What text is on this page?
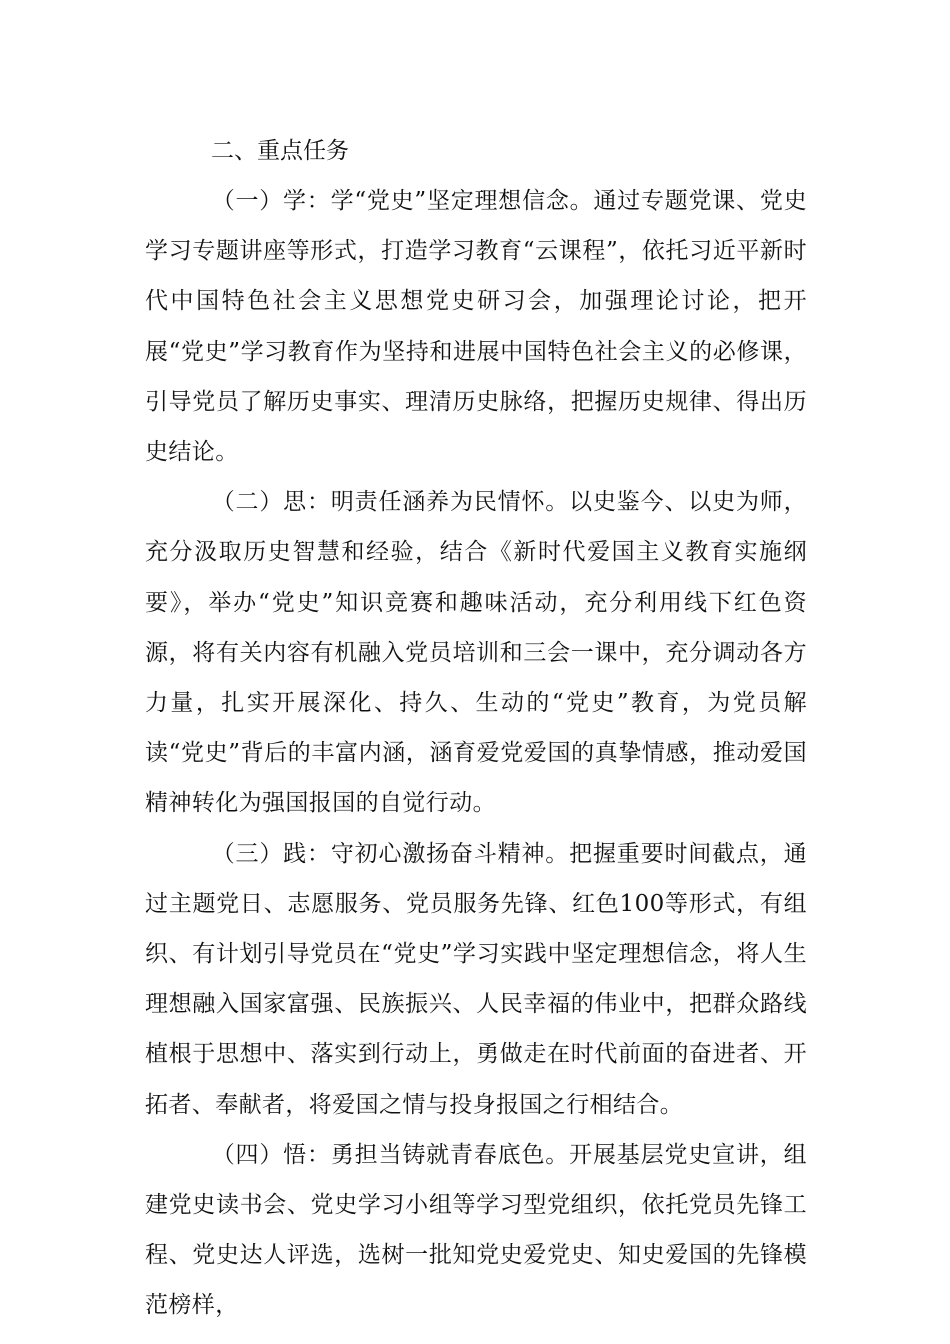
二、重点任务

（一）学：学“党史”坚定理想信念。通过专题党课、党史学习专题讲座等形式，打造学习教育“云课程”，依托习近平新时代中国特色社会主义思想党史研习会，加强理论讨论，把开展“党史”学习教育作为坚持和进展中国特色社会主义的必修课，引导党员了解历史事实、理清历史脉络，把握历史规律、得出历史结论。

（二）思：明责任涵养为民情怀。以史鉴今、以史为师，充分汲取历史智慧和经验，结合《新时代爱国主义教育实施纲要》，举办“党史”知识竞赛和趣味活动，充分利用线下红色资源，将有关内容有机融入党员培训和三会一课中，充分调动各方力量，扎实开展深化、持久、生动的“党史”教育，为党员解读“党史”背后的丰富内涵，涵育爱党爱国的真挚情感，推动爱国精神转化为强国报国的自觉行动。

（三）践：守初心激扬奋斗精神。把握重要时间截点，通过主题党日、志愿服务、党员服务先锋、红色100等形式，有组织、有计划引导党员在“党史”学习实践中坚定理想信念，将人生理想融入国家富强、民族振兴、人民幸福的伟业中，把群众路线植根于思想中、落实到行动上，勇做走在时代前面的奋进者、开拓者、奉献者，将爱国之情与投身报国之行相结合。

（四）悟：勇担当铸就青春底色。开展基层党史宣讲，组建党史读书会、党史学习小组等学习型党组织，依托党员先锋工程、党史达人评选，选树一批知党史爱党史、知史爱国的先锋模范榜样，
